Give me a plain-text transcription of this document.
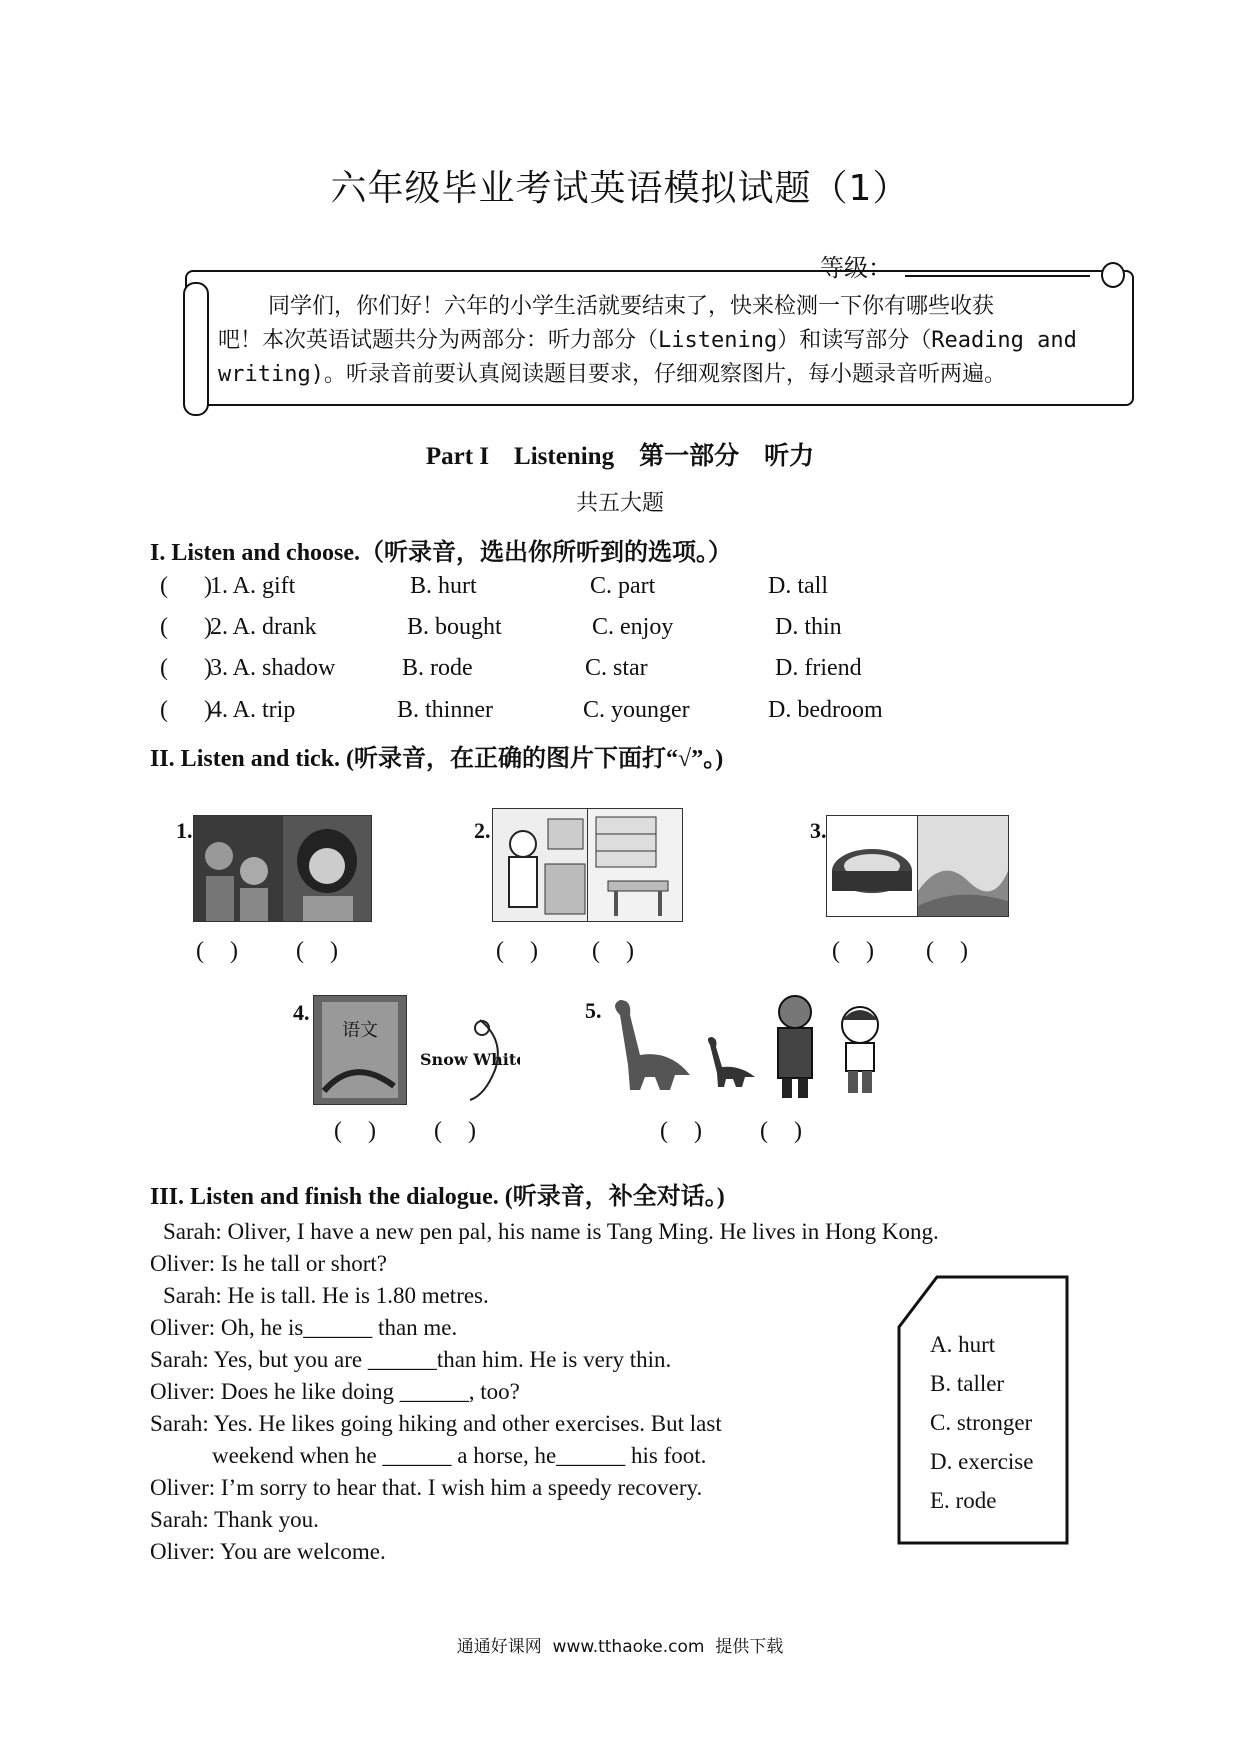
六年级毕业考试英语模拟试题（1）
等级：
同学们，你们好！六年的小学生活就要结束了，快来检测一下你有哪些收获
吧！本次英语试题共分为两部分：听力部分（Listening）和读写部分（Reading and
writing)。听录音前要认真阅读题目要求，仔细观察图片，每小题录音听两遍。
Part I    Listening    第一部分    听力
共五大题
I. Listen and choose.（听录音，选出你所听到的选项。）
(      )
1. A. gift	B. hurt	C. part	D. tall
(      )
2. A. drank	B. bought	C. enjoy	D. thin
(      )
3. A. shadow	B. rode	C. star	D. friend
(      )
4. A. trip	B. thinner	C. younger	D. bedroom
II. Listen and tick. (听录音，在正确的图片下面打“√”。)
1.
(   ) (   )
2.
(   ) (   )
3.
(   ) (   )
4.
语文
Snow White
(   ) (   )
5.
(   ) (   )
III. Listen and finish the dialogue. (听录音，补全对话。)
Sarah: Oliver, I have a new pen pal, his name is Tang Ming. He lives in Hong Kong.
Oliver: Is he tall or short?
Sarah: He is tall. He is 1.80 metres.
Oliver: Oh, he is______ than me.
Sarah: Yes, but you are ______than him. He is very thin.
Oliver: Does he like doing ______, too?
Sarah: Yes. He likes going hiking and other exercises. But last
weekend when he ______ a horse, he______ his foot.
Oliver: I’m sorry to hear that. I wish him a speedy recovery.
Sarah: Thank you.
Oliver: You are welcome.
A. hurt
B. taller
C. stronger
D. exercise
E. rode
通通好课网  www.tthaoke.com  提供下载
